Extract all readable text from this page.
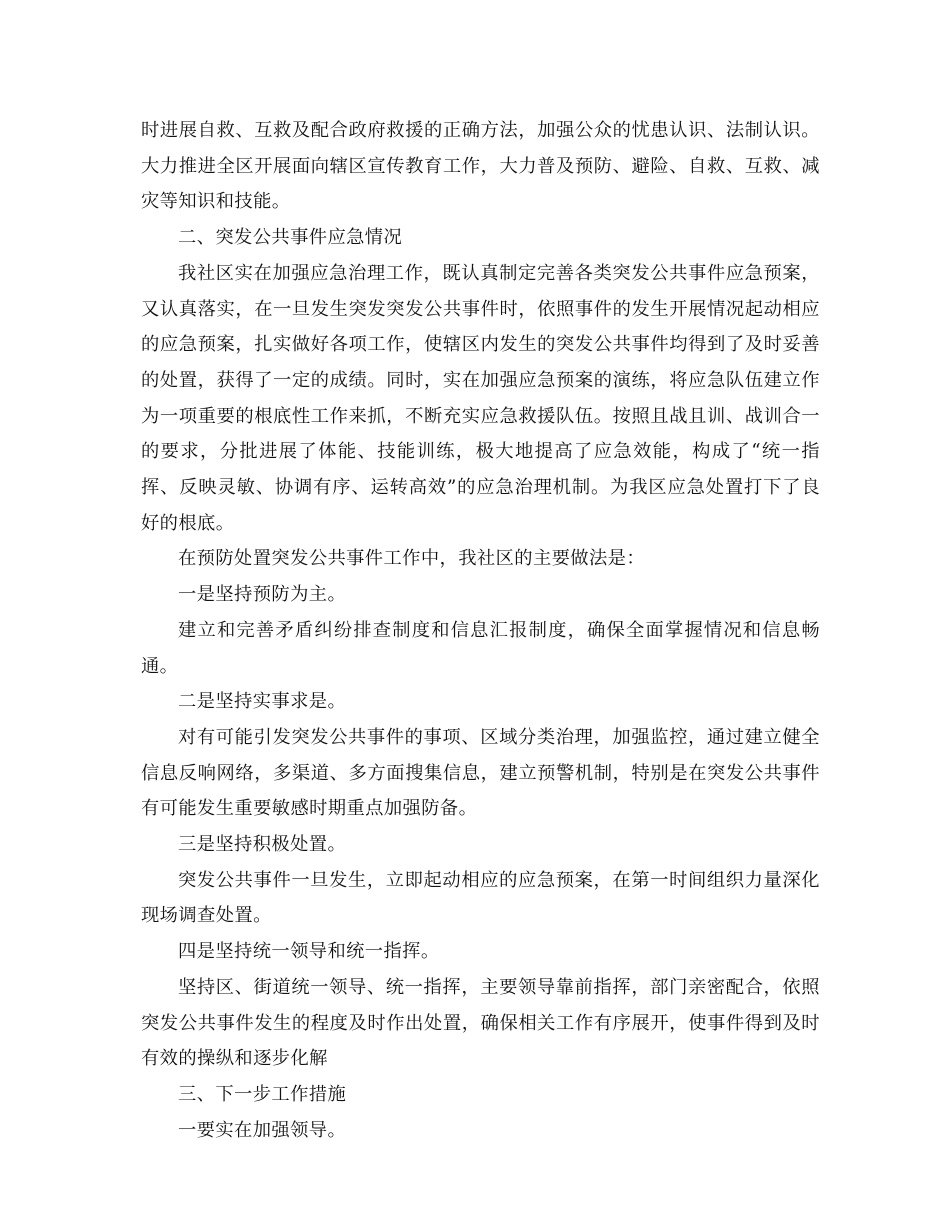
时进展自救、互救及配合政府救援的正确方法，加强公众的忧患认识、法制认识。大力推进全区开展面向辖区宣传教育工作，大力普及预防、避险、自救、互救、减灾等知识和技能。

二、突发公共事件应急情况

我社区实在加强应急治理工作，既认真制定完善各类突发公共事件应急预案，又认真落实，在一旦发生突发突发公共事件时，依照事件的发生开展情况起动相应的应急预案，扎实做好各项工作，使辖区内发生的突发公共事件均得到了及时妥善的处置，获得了一定的成绩。同时，实在加强应急预案的演练，将应急队伍建立作为一项重要的根底性工作来抓，不断充实应急救援队伍。按照且战且训、战训合一的要求，分批进展了体能、技能训练，极大地提高了应急效能，构成了“统一指挥、反映灵敏、协调有序、运转高效”的应急治理机制。为我区应急处置打下了良好的根底。

在预防处置突发公共事件工作中，我社区的主要做法是：

一是坚持预防为主。

建立和完善矛盾纠纷排查制度和信息汇报制度，确保全面掌握情况和信息畅通。

二是坚持实事求是。

对有可能引发突发公共事件的事项、区域分类治理，加强监控，通过建立健全信息反响网络，多渠道、多方面搜集信息，建立预警机制，特别是在突发公共事件有可能发生重要敏感时期重点加强防备。

三是坚持积极处置。

突发公共事件一旦发生，立即起动相应的应急预案，在第一时间组织力量深化现场调查处置。

四是坚持统一领导和统一指挥。

坚持区、街道统一领导、统一指挥，主要领导靠前指挥，部门亲密配合，依照突发公共事件发生的程度及时作出处置，确保相关工作有序展开，使事件得到及时有效的操纵和逐步化解

三、下一步工作措施

一要实在加强领导。
